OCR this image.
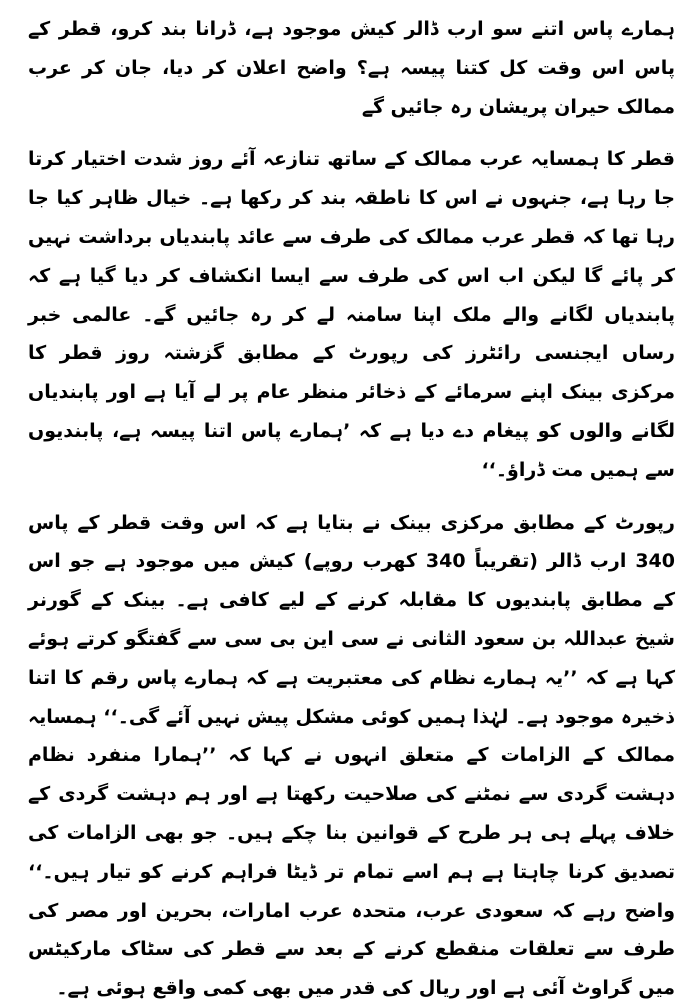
ہمارے پاس اتنے سو ارب ڈالر کیش موجود ہے، ڈرانا بند کرو، قطر کے پاس اس وقت کل کتنا پیسہ ہے؟ واضح اعلان کر دیا، جان کر عرب ممالک حیران پریشان رہ جائیں گے

قطر کا ہمسایہ عرب ممالک کے ساتھ تنازعہ آئے روز شدت اختیار کرتا جا رہا ہے، جنہوں نے اس کا ناطقہ بند کر رکھا ہے۔ خیال ظاہر کیا جا رہا تھا کہ قطر عرب ممالک کی طرف سے عائد پابندیاں برداشت نہیں کر پائے گا لیکن اب اس کی طرف سے ایسا انکشاف کر دیا گیا ہے کہ پابندیاں لگانے والے ملک اپنا سامنہ لے کر رہ جائیں گے۔ عالمی خبر رساں ایجنسی رائٹرز کی رپورٹ کے مطابق گزشتہ روز قطر کا مرکزی بینک اپنے سرمائے کے ذخائر منظر عام پر لے آیا ہے اور پابندیاں لگانے والوں کو پیغام دے دیا ہے کہ ’ہمارے پاس اتنا پیسہ ہے، پابندیوں سے ہمیں مت ڈراؤ۔‘‘

رپورٹ کے مطابق مرکزی بینک نے بتایا ہے کہ اس وقت قطر کے پاس 340 ارب ڈالر (تقریباً 340 کھرب روپے) کیش میں موجود ہے جو اس کے مطابق پابندیوں کا مقابلہ کرنے کے لیے کافی ہے۔ بینک کے گورنر شیخ عبداللہ بن سعود الثانی نے سی این بی سی سے گفتگو کرتے ہوئے کہا ہے کہ ’’یہ ہمارے نظام کی معتبریت ہے کہ ہمارے پاس رقم کا اتنا ذخیرہ موجود ہے۔ لہٰذا ہمیں کوئی مشکل پیش نہیں آئے گی۔‘‘ ہمسایہ ممالک کے الزامات کے متعلق انہوں نے کہا کہ ’’ہمارا منفرد نظام دہشت گردی سے نمٹنے کی صلاحیت رکھتا ہے اور ہم دہشت گردی کے خلاف پہلے ہی ہر طرح کے قوانین بنا چکے ہیں۔ جو بھی الزامات کی تصدیق کرنا چاہتا ہے ہم اسے تمام تر ڈیٹا فراہم کرنے کو تیار ہیں۔‘‘ واضح رہے کہ سعودی عرب، متحدہ عرب امارات، بحرین اور مصر کی طرف سے تعلقات منقطع کرنے کے بعد سے قطر کی سٹاک مارکیٹس میں گراوٹ آئی ہے اور ریال کی قدر میں بھی کمی واقع ہوئی ہے۔
